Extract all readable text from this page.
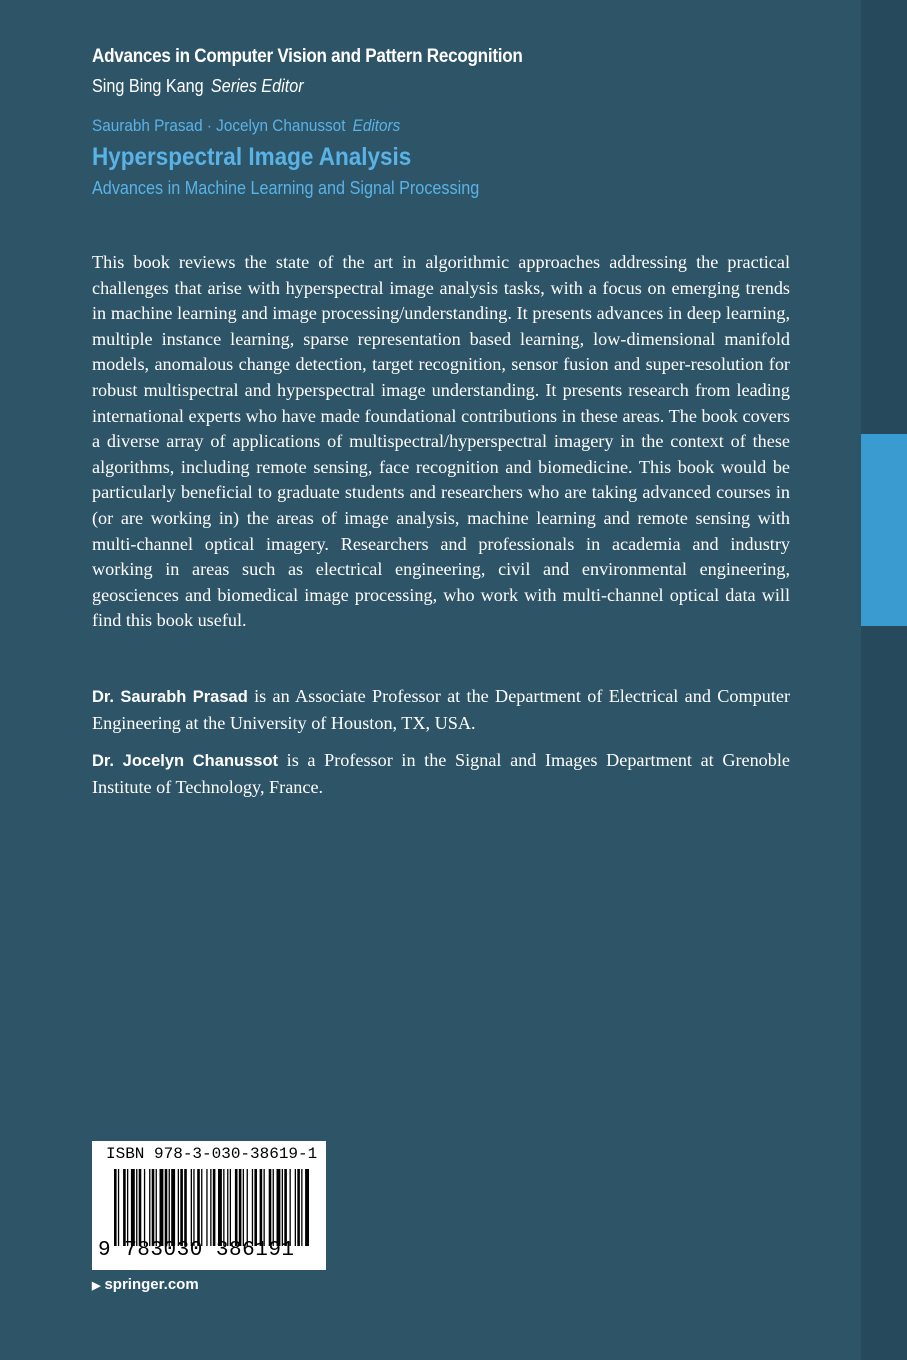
Advances in Computer Vision and Pattern Recognition
Sing Bing Kang Series Editor
Saurabh Prasad · Jocelyn Chanussot Editors
Hyperspectral Image Analysis
Advances in Machine Learning and Signal Processing

This book reviews the state of the art in algorithmic approaches addressing the practical challenges that arise with hyperspectral image analysis tasks, with a focus on emerging trends in machine learning and image processing/understanding. It presents advances in deep learning, multiple instance learning, sparse representation based learning, low-dimensional manifold models, anomalous change detection, target recognition, sensor fusion and super-resolution for robust multispectral and hyperspectral image understanding. It presents research from leading international experts who have made foundational contributions in these areas. The book covers a diverse array of applications of multispectral/hyperspectral imagery in the context of these algorithms, including remote sensing, face recognition and biomedicine. This book would be particularly beneficial to graduate students and researchers who are taking advanced courses in (or are working in) the areas of image analysis, machine learning and remote sensing with multi-channel optical imagery. Researchers and professionals in academia and industry working in areas such as electrical engineering, civil and environmental engineering, geosciences and biomedical image processing, who work with multi-channel optical data will find this book useful.

Dr. Saurabh Prasad is an Associate Professor at the Department of Electrical and Computer Engineering at the University of Houston, TX, USA.

Dr. Jocelyn Chanussot is a Professor in the Signal and Images Department at Grenoble Institute of Technology, France.

ISBN 978-3-030-38619-1
9 783030 386191
▶ springer.com
